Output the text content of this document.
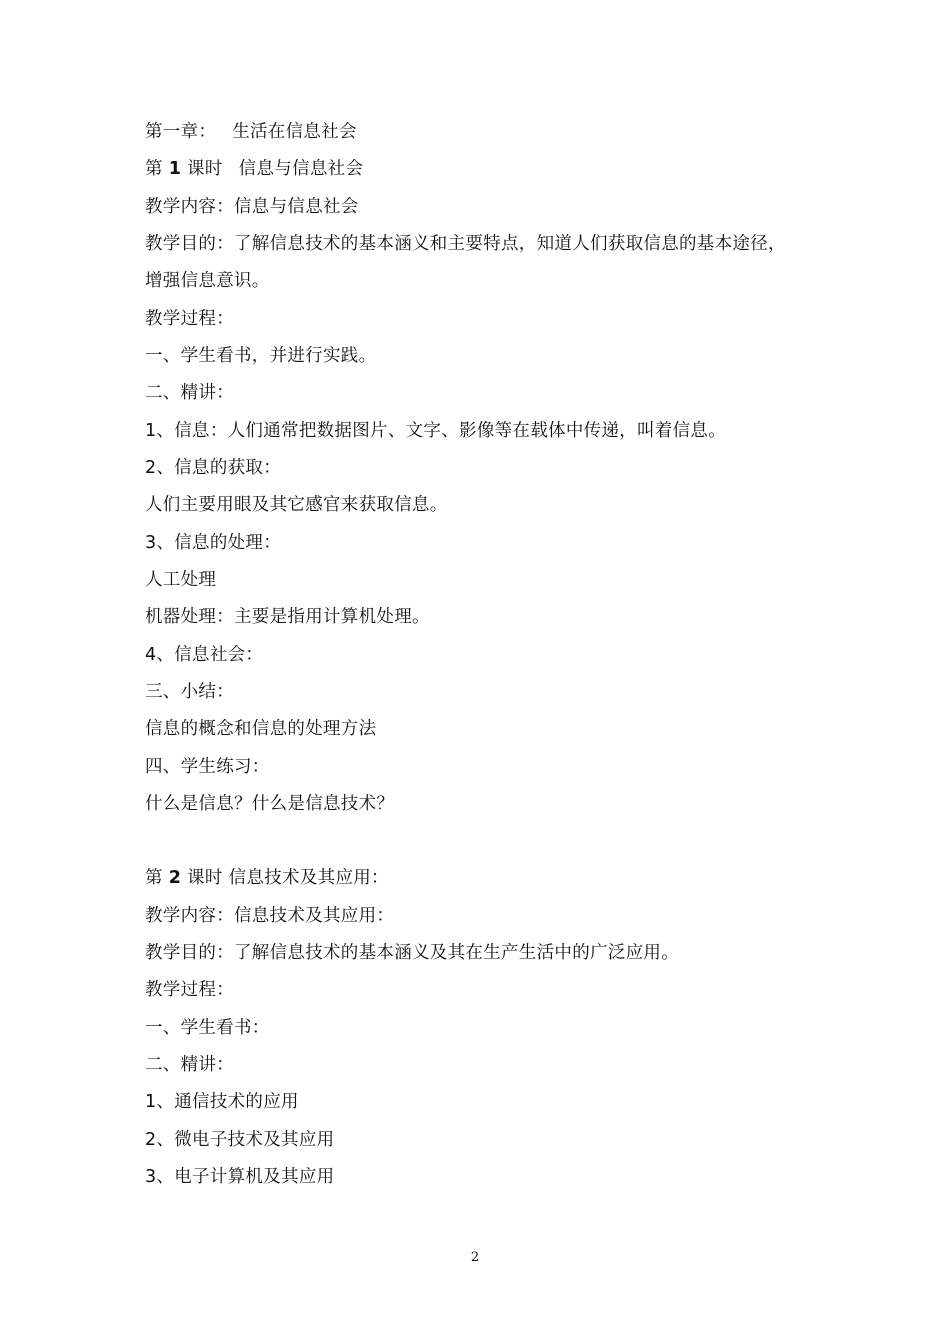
第一章： 生活在信息社会
第 1 课时 信息与信息社会
教学内容：信息与信息社会
教学目的：了解信息技术的基本涵义和主要特点，知道人们获取信息的基本途径，
增强信息意识。
教学过程：
一、学生看书，并进行实践。
二、精讲：
1、信息：人们通常把数据图片、文字、影像等在载体中传递，叫着信息。
2、信息的获取：
人们主要用眼及其它感官来获取信息。
3、信息的处理：
人工处理
机器处理：主要是指用计算机处理。
4、信息社会：
三、小结：
信息的概念和信息的处理方法
四、学生练习：
什么是信息？什么是信息技术？
第 2 课时 信息技术及其应用：
教学内容：信息技术及其应用：
教学目的：了解信息技术的基本涵义及其在生产生活中的广泛应用。
教学过程：
一、学生看书：
二、精讲：
1、通信技术的应用
2、微电子技术及其应用
3、电子计算机及其应用
2
